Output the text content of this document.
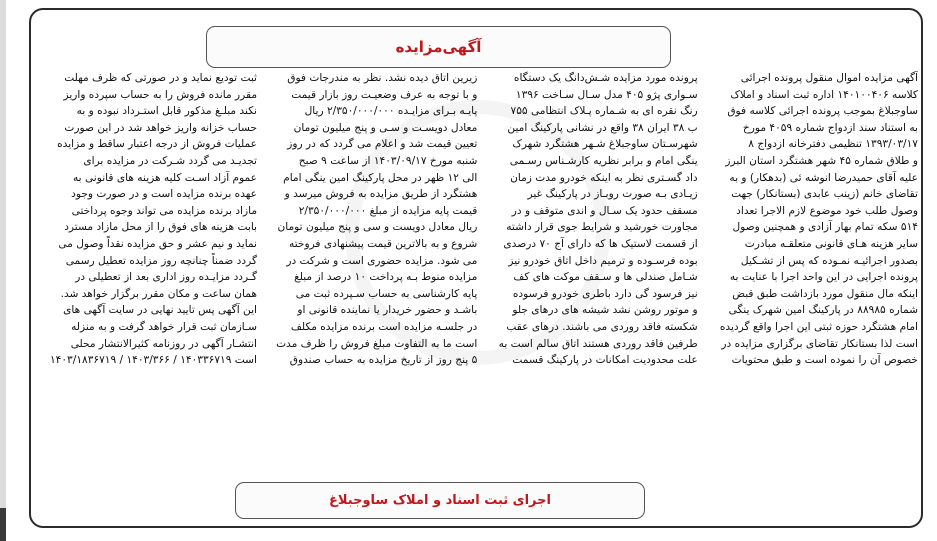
آگهی‌مزایده
آگهی مزایده اموال منقول پرونده اجرائی
کلاسه ۱۴۰۱۰۰۴۰۶ اداره ثبت اسناد و املاک
ساوجبلاغ بموجب پرونده اجرائی کلاسه فوق
به استناد سند ازدواج شماره ۴۰۵۹ مورخ
۱۳۹۳/۰۳/۱۷ تنظیمی دفترخانه ازدواج ۸
و طلاق شماره ۴۵ شهر هشتگرد استان البرز
علیه آقای حمیدرضا انوشه ئی (بدهکار) و به
تقاضای خانم (زینب عابدی (بستانکار) جهت
وصول طلب خود موضوع لازم الاجرا تعداد
۵۱۴ سکه تمام بهار آزادی و همچنین وصول
سایر هزینه هـای قانونی متعلقـه مبادرت
بصدور اجرائیـه نمـوده که پس از تشـکیل
پرونده اجرایی در این واحد اجرا با عنایت به
اینکه مال منقول مورد بازداشت طبق قبض
شماره ۸۸۹۸۵ در پارکینگ امین شهرک ینگی
امام هشتگرد حوزه ثبتی این اجرا واقع گردیده
است لذا بستانکار تقاضای برگزاری مزایده در
خصوص آن را نموده است و طبق محتویات
پرونده مورد مزایده شـش‌دانگ یک دستگاه
سـواری پژو ۴۰۵ مدل سـال سـاخت ۱۳۹۶
رنگ نقره ای به شـماره پـلاک انتظامی ۷۵۵
ب ۳۸ ایران ۳۸ واقع در نشانی پارکینگ امین
شهرسـتان ساوجبلاغ شـهر هشتگرد شهرک
ینگی امام و برابر نظریه کارشـناس رسـمی
داد گسـتری نظر به اینکه خودرو مدت زمان
زیـادی بـه صورت روبـاز در پارکینگ غیر
مسقف حدود یک سـال و اندی متوقف و در
مجاورت خورشید و شرایط جوی قرار داشته
از قسمت لاستیک ها که دارای آج ۷۰ درصدی
بوده فرسـوده و ترمیم داخل اتاق خودرو نیز
شـامل صندلی ها و سـقف موکت های کف
نیز فرسود گی دارد باطری خودرو فرسوده
و موتور روشن نشد شیشه های درهای جلو
شکسته فاقد روردی می باشند. درهای عقب
طرفین فاقد روردی هستند اتاق سالم است به
علت محدودیت امکانات در پارکینگ قسمت
زیرین اتاق دیده نشد. نظر به مندرجات فوق
و با توجه به عرف وضعیـت روز بازار قیمت
پایـه بـرای مزایـده ۲/۳۵۰/۰۰۰/۰۰۰ ریال
معادل دویسـت و سـی و پنج میلیون تومان
تعیین قیمت شد و اعلام می گردد که در روز
شنبه مورخ ۱۴۰۳/۰۹/۱۷ از ساعت ۹ صبح
الی ۱۲ ظهر در محل پارکینگ امین ینگی امام
هشتگرد از طریق مزایده به فروش میرسد و
قیمت پایه مزایده از مبلغ ۲/۳۵۰/۰۰۰/۰۰۰
ریال معادل دویست و سی و پنج میلیون تومان
شروع و به بالاترین قیمت پیشنهادی فروخته
می شود. مزایده حضوری است و شرکت در
مزایده منوط بـه پرداخت ۱۰ درصد از مبلغ
پایه کارشناسی به حساب سـپرده ثبت می
باشـد و حضور خریدار یا نماینده قانونی او
در جلسـه مزایده است برنده مزایده مکلف
است ما به التفاوت مبلغ فروش را ظرف مدت
۵ پنج روز از تاریخ مزایده به حساب صندوق
ثبت تودیع نماید و در صورتی که ظرف مهلت
مقرر مانده فروش را به حساب سپرده واریز
نکند مبلـغ مذکور قابل استـرداد نبوده و به
حساب خزانه واریز خواهد شد در این صورت
عملیات فروش از درجه اعتبار ساقط و مزایده
تجدیـد می گردد شـرکت در مزایده برای
عموم آزاد اسـت کلیه هزینه های قانونی به
عهده برنده مزایده است و در صورت وجود
مازاد برنده مزایده می تواند وجوه پرداختی
بابت هزینه های فوق را از محل مازاد مسترد
نماید و نیم عشر و حق مزایده نقداً وصول می
گردد ضمناً چنانچه روز مزایده تعطیل رسمی
گـردد مزایـده روز اداری بعد از تعطیلی در
همان ساعت و مکان مقرر برگزار خواهد شد.
این آگهی پس تایید نهایی در سایت آگهی های
سـازمان ثبت قرار خواهد گرفت و به منزله
انتشـار آگهی در روزنامه کثیرالانتشار محلی
است ۱۴۰۳۳۶۷۱۹ / ۱۴۰۳/۳۶۶ / ۱۴۰۳/۱۸۳۶۷۱۹
اجرای ثبت اسناد و املاک ساوجبلاغ
